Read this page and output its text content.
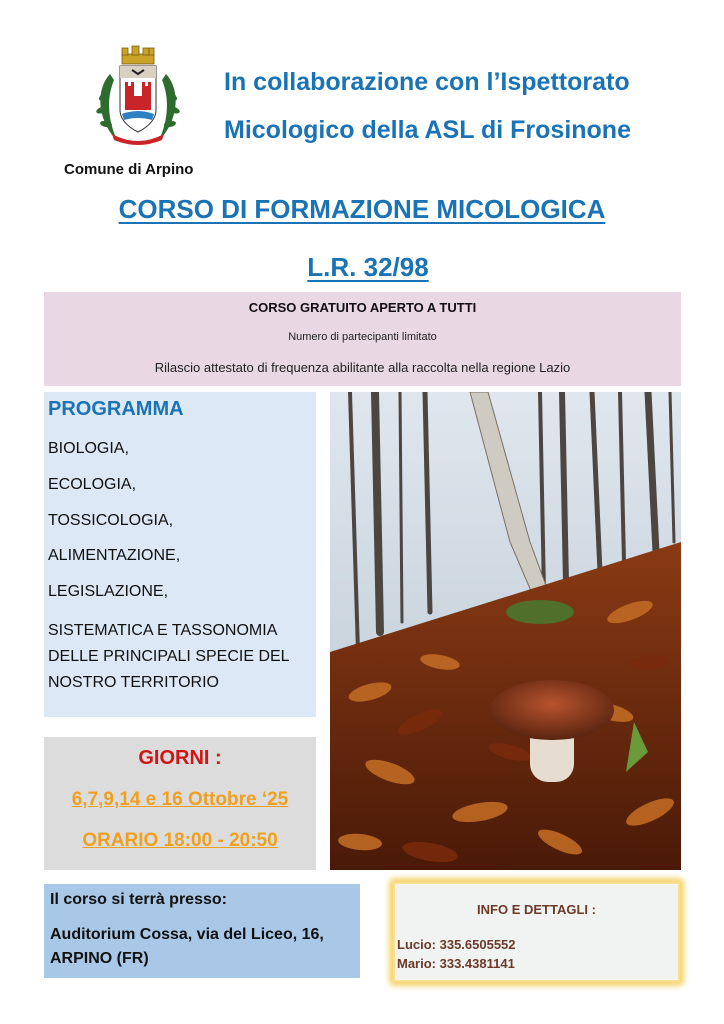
Comune di Arpino
In collaborazione con l’Ispettorato
Micologico della ASL di Frosinone
CORSO DI FORMAZIONE MICOLOGICA
L.R. 32/98
CORSO GRATUITO APERTO A TUTTI
Numero di partecipanti limitato
Rilascio attestato di frequenza abilitante alla raccolta nella regione Lazio
PROGRAMMA
BIOLOGIA,
ECOLOGIA,
TOSSICOLOGIA,
ALIMENTAZIONE,
LEGISLAZIONE,
SISTEMATICA E TASSONOMIA
DELLE PRINCIPALI SPECIE DEL
NOSTRO TERRITORIO
GIORNI :
6,7,9,14 e 16 Ottobre ‘25
ORARIO 18:00 - 20:50
Il corso si terrà presso:
Auditorium Cossa, via del Liceo, 16, ARPINO (FR)
INFO E DETTAGLI :
Lucio: 335.6505552
Mario: 333.4381141
